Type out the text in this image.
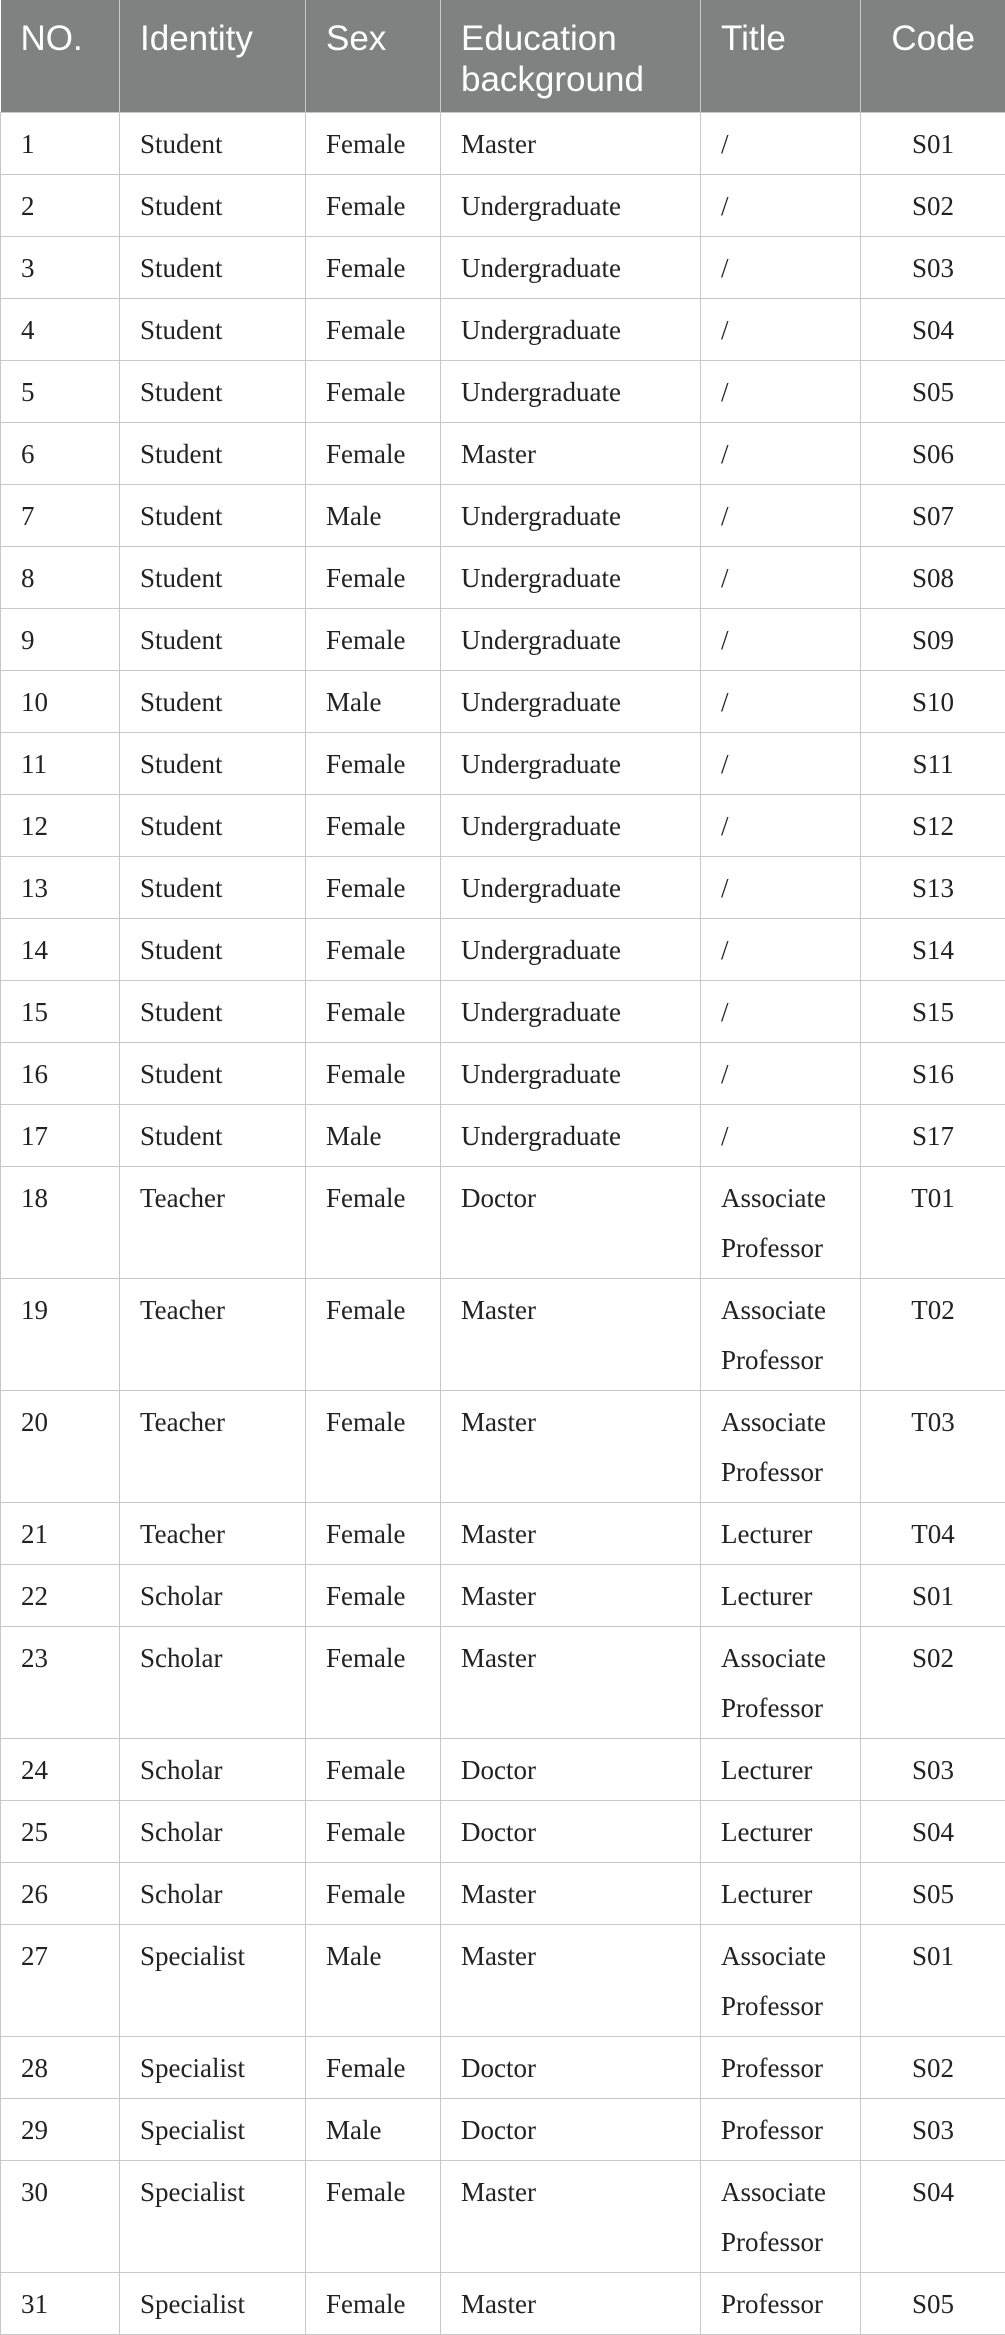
NO.	Identity	Sex	Education background	Title	Code
1	Student	Female	Master	/	S01
2	Student	Female	Undergraduate	/	S02
3	Student	Female	Undergraduate	/	S03
4	Student	Female	Undergraduate	/	S04
5	Student	Female	Undergraduate	/	S05
6	Student	Female	Master	/	S06
7	Student	Male	Undergraduate	/	S07
8	Student	Female	Undergraduate	/	S08
9	Student	Female	Undergraduate	/	S09
10	Student	Male	Undergraduate	/	S10
11	Student	Female	Undergraduate	/	S11
12	Student	Female	Undergraduate	/	S12
13	Student	Female	Undergraduate	/	S13
14	Student	Female	Undergraduate	/	S14
15	Student	Female	Undergraduate	/	S15
16	Student	Female	Undergraduate	/	S16
17	Student	Male	Undergraduate	/	S17
18	Teacher	Female	Doctor	Associate Professor	T01
19	Teacher	Female	Master	Associate Professor	T02
20	Teacher	Female	Master	Associate Professor	T03
21	Teacher	Female	Master	Lecturer	T04
22	Scholar	Female	Master	Lecturer	S01
23	Scholar	Female	Master	Associate Professor	S02
24	Scholar	Female	Doctor	Lecturer	S03
25	Scholar	Female	Doctor	Lecturer	S04
26	Scholar	Female	Master	Lecturer	S05
27	Specialist	Male	Master	Associate Professor	S01
28	Specialist	Female	Doctor	Professor	S02
29	Specialist	Male	Doctor	Professor	S03
30	Specialist	Female	Master	Associate Professor	S04
31	Specialist	Female	Master	Professor	S05
